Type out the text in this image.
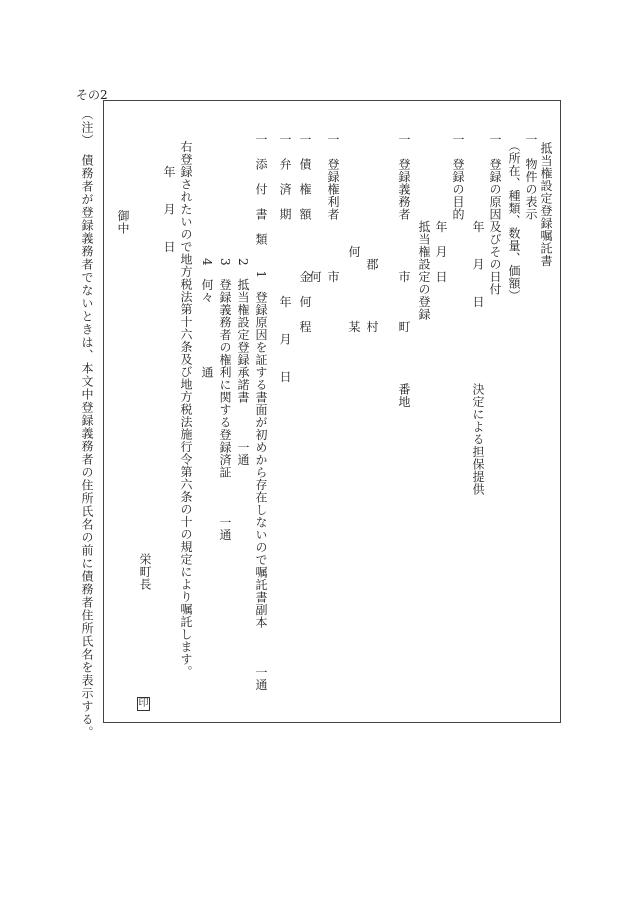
その2
（注）　債務者が登録義務者でないときは、本文中登録義務者の住所氏名の前に債務者住所氏名を表示する。	抵当権設定登録嘱託書
一　物件の表示
　（所在、種類、数量、価額）
一　登録の原因及びその日付
　　　　　　　年　　月　　日　　　　　　決定による担保提供
一　登録の目的
　　　　　　　年　月　日
　　　　　　　抵当権設定の登録
一　登録義務者　　　　市　　　町　　　　番地
　　　　　　　　　　郡　　　　村　　　　
　　　　　　　　　何　　　　　某
一　登録権利者　　　　市　　
　　　　　　　　　　　何
一　債　権　額　　　　金　何　程
一　弁　済　期　　　　　　年　　月　　日
一　添　付　書　類　　1　登録原因を証する書面が初めから存在しないので嘱託書副本　　　一通
　　　　　　　　　　2　抵当権設定登録承諾書　　　一通
　　　　　　　　　　3　登録義務者の権利に関する登録済証　　　一通
　　　　　　　　　　4　何々　　　　　通
　右登録されたいので地方税法第十六条及び地方税法施行令第六条の十の規定により嘱託します。
　　　年　　月　　日
　　　　　　　　　　　　　　　　　　　　　　　　　　　　　　　　　　栄町長
　　　御中
印
